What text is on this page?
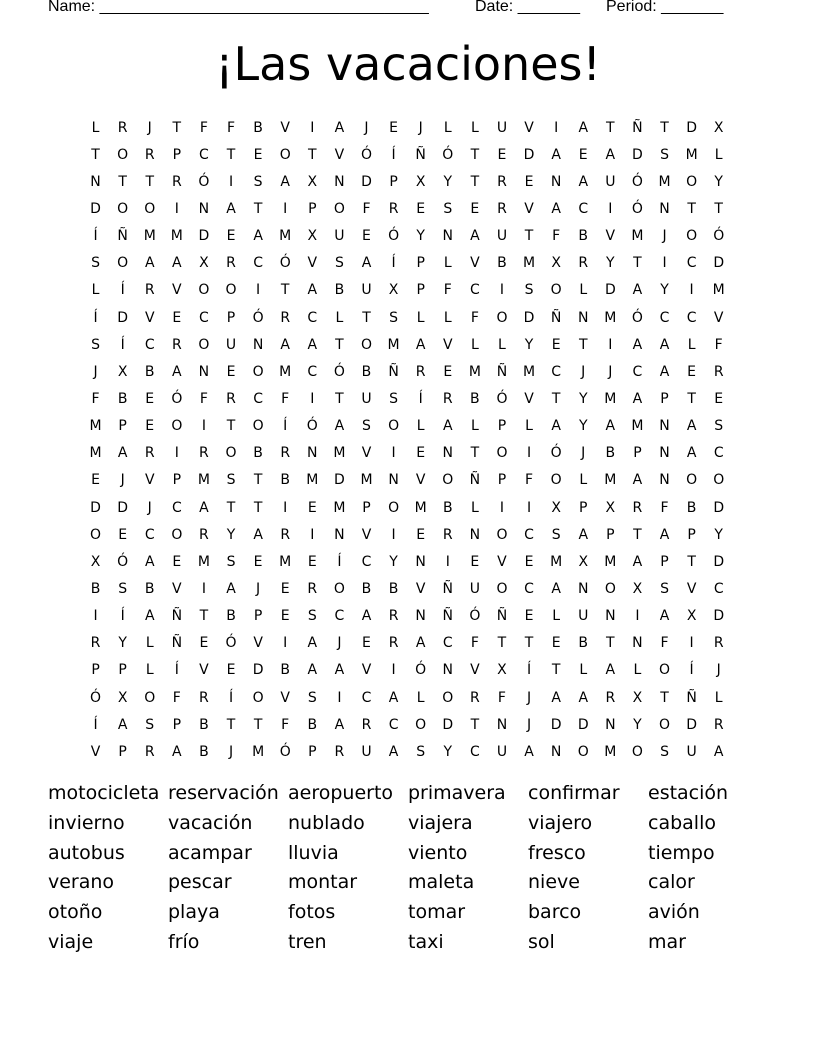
Name: _____________________________________	Date: _______ Period: _______
¡Las vacaciones!
L	R	J	T	F	F	B	V	I	A	J	E	J	L	L	U	V	I	A	T	Ñ	T	D	X
T	O	R	P	C	T	E	O	T	V	Ó	Í	Ñ	Ó	T	E	D	A	E	A	D	S	M	L
N	T	T	R	Ó	I	S	A	X	N	D	P	X	Y	T	R	E	N	A	U	Ó	M	O	Y
D	O	O	I	N	A	T	I	P	O	F	R	E	S	E	R	V	A	C	I	Ó	N	T	T
Í	Ñ	M	M	D	E	A	M	X	U	E	Ó	Y	N	A	U	T	F	B	V	M	J	O	Ó
S	O	A	A	X	R	C	Ó	V	S	A	Í	P	L	V	B	M	X	R	Y	T	I	C	D
L	Í	R	V	O	O	I	T	A	B	U	X	P	F	C	I	S	O	L	D	A	Y	I	M
Í	D	V	E	C	P	Ó	R	C	L	T	S	L	L	F	O	D	Ñ	N	M	Ó	C	C	V
S	Í	C	R	O	U	N	A	A	T	O	M	A	V	L	L	Y	E	T	I	A	A	L	F
J	X	B	A	N	E	O	M	C	Ó	B	Ñ	R	E	M	Ñ	M	C	J	J	C	A	E	R
F	B	E	Ó	F	R	C	F	I	T	U	S	Í	R	B	Ó	V	T	Y	M	A	P	T	E
M	P	E	O	I	T	O	Í	Ó	A	S	O	L	A	L	P	L	A	Y	A	M	N	A	S
M	A	R	I	R	O	B	R	N	M	V	I	E	N	T	O	I	Ó	J	B	P	N	A	C
E	J	V	P	M	S	T	B	M	D	M	N	V	O	Ñ	P	F	O	L	M	A	N	O	O
D	D	J	C	A	T	T	I	E	M	P	O	M	B	L	I	I	X	P	X	R	F	B	D
O	E	C	O	R	Y	A	R	I	N	V	I	E	R	N	O	C	S	A	P	T	A	P	Y
X	Ó	A	E	M	S	E	M	E	Í	C	Y	N	I	E	V	E	M	X	M	A	P	T	D
B	S	B	V	I	A	J	E	R	O	B	B	V	Ñ	U	O	C	A	N	O	X	S	V	C
I	Í	A	Ñ	T	B	P	E	S	C	A	R	N	Ñ	Ó	Ñ	E	L	U	N	I	A	X	D
R	Y	L	Ñ	E	Ó	V	I	A	J	E	R	A	C	F	T	T	E	B	T	N	F	I	R
P	P	L	Í	V	E	D	B	A	A	V	I	Ó	N	V	X	Í	T	L	A	L	O	Í	J
Ó	X	O	F	R	Í	O	V	S	I	C	A	L	O	R	F	J	A	A	R	X	T	Ñ	L
Í	A	S	P	B	T	T	F	B	A	R	C	O	D	T	N	J	D	D	N	Y	O	D	R
V	P	R	A	B	J	M	Ó	P	R	U	A	S	Y	C	U	A	N	O	M	O	S	U	A
motocicleta reservación aeropuerto primavera	confirmar	estación
invierno	vacación	nublado	viajera	viajero	caballo
autobus	acampar	lluvia	viento	fresco	tiempo
verano	pescar	montar	maleta	nieve	calor
otoño	playa	fotos	tomar	barco	avión
viaje	frío	tren	taxi	sol	mar
